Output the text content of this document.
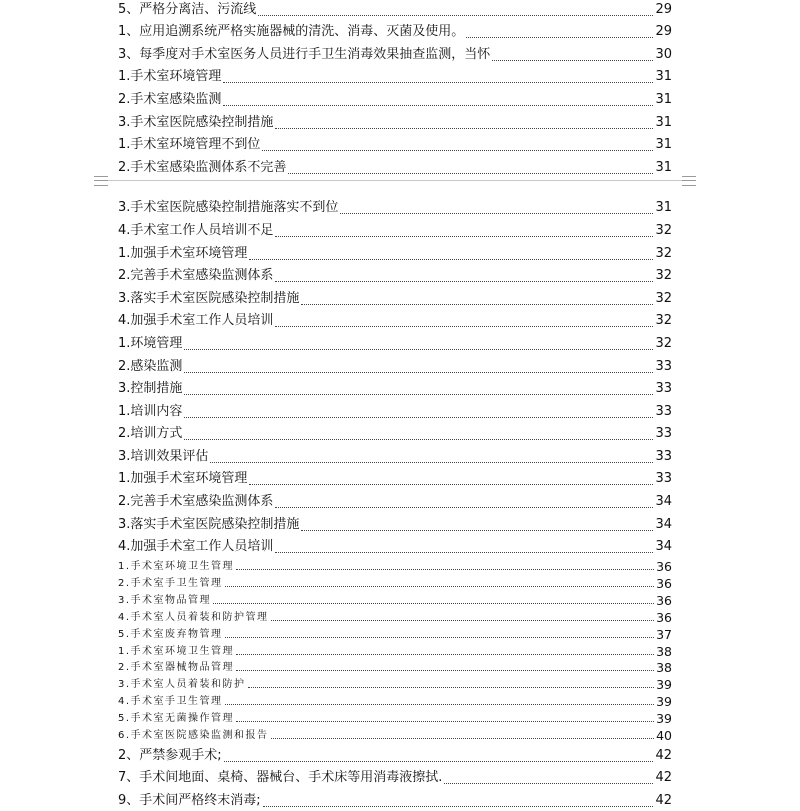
5、严格分离洁、污流线	29
1、应用追溯系统严格实施器械的清洗、消毒、灭菌及使用。	29
3、每季度对手术室医务人员进行手卫生消毒效果抽查监测，当怀	30
1.手术室环境管理	31
2.手术室感染监测	31
3.手术室医院感染控制措施	31
1.手术室环境管理不到位	31
2.手术室感染监测体系不完善	31
3.手术室医院感染控制措施落实不到位	31
4.手术室工作人员培训不足	32
1.加强手术室环境管理	32
2.完善手术室感染监测体系	32
3.落实手术室医院感染控制措施	32
4.加强手术室工作人员培训	32
1.环境管理	32
2.感染监测	33
3.控制措施	33
1.培训内容	33
2.培训方式	33
3.培训效果评估	33
1.加强手术室环境管理	33
2.完善手术室感染监测体系	34
3.落实手术室医院感染控制措施	34
4.加强手术室工作人员培训	34
1.手术室环境卫生管理	36
2.手术室手卫生管理	36
3.手术室物品管理	36
4.手术室人员着装和防护管理	36
5.手术室废弃物管理	37
1.手术室环境卫生管理	38
2.手术室器械物品管理	38
3.手术室人员着装和防护	39
4.手术室手卫生管理	39
5.手术室无菌操作管理	39
6.手术室医院感染监测和报告	40
2、严禁参观手术;	42
7、手术间地面、桌椅、器械台、手术床等用消毒液擦拭.	42
9、手术间严格终末消毒;	42
